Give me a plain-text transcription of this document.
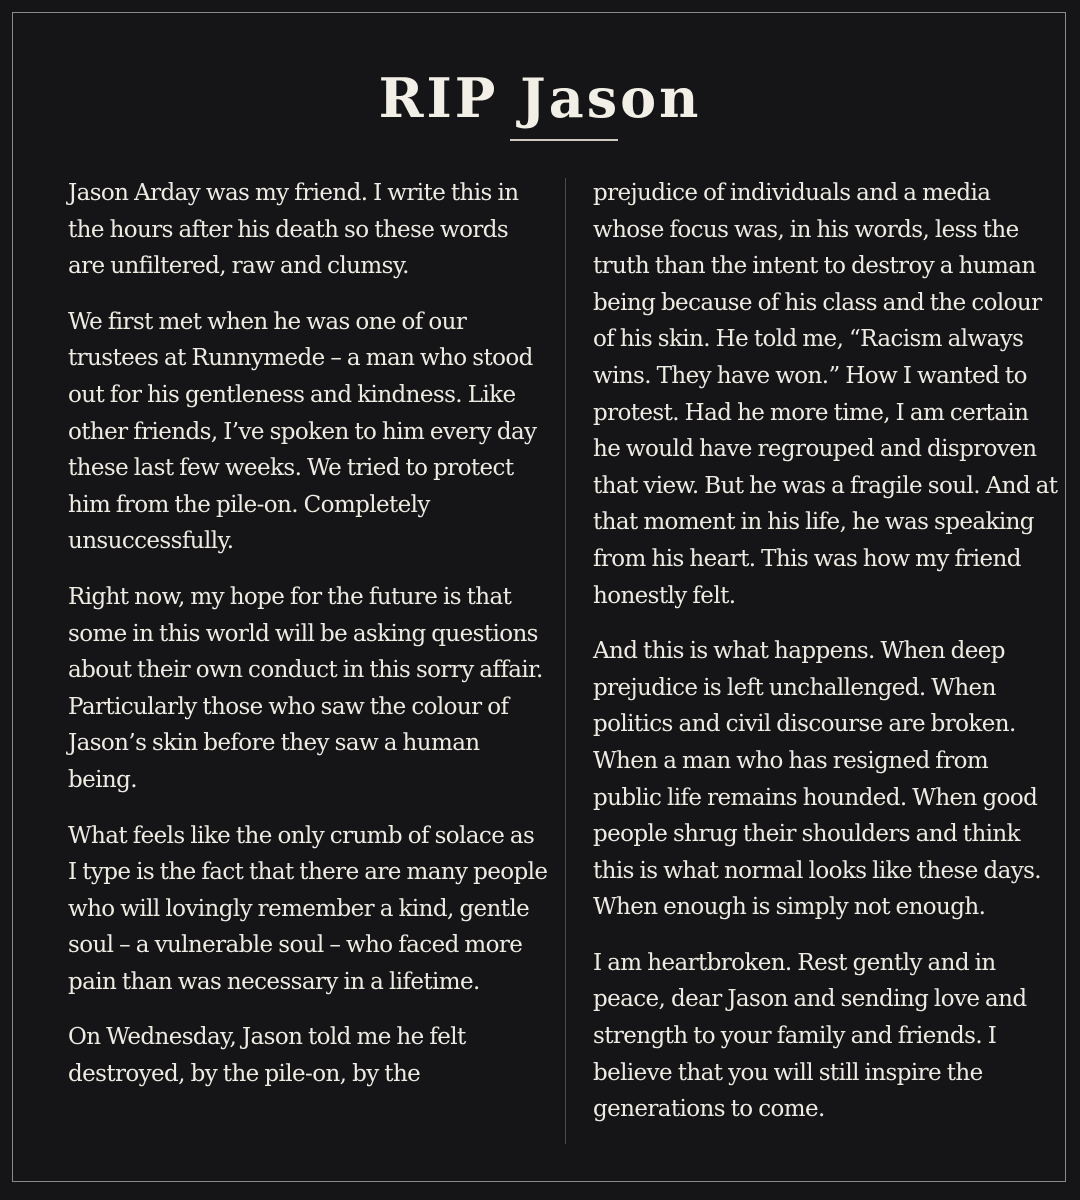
RIP Jason

Jason Arday was my friend. I write this in the hours after his death so these words are unfiltered, raw and clumsy.

We first met when he was one of our trustees at Runnymede – a man who stood out for his gentleness and kindness. Like other friends, I’ve spoken to him every day these last few weeks. We tried to protect him from the pile-on. Completely unsuccessfully.

Right now, my hope for the future is that some in this world will be asking questions about their own conduct in this sorry affair. Particularly those who saw the colour of Jason’s skin before they saw a human being.

What feels like the only crumb of solace as I type is the fact that there are many people who will lovingly remember a kind, gentle soul – a vulnerable soul – who faced more pain than was necessary in a lifetime.

On Wednesday, Jason told me he felt destroyed, by the pile-on, by the

prejudice of individuals and a media whose focus was, in his words, less the truth than the intent to destroy a human being because of his class and the colour of his skin. He told me, “Racism always wins. They have won.” How I wanted to protest. Had he more time, I am certain he would have regrouped and disproven that view. But he was a fragile soul. And at that moment in his life, he was speaking from his heart. This was how my friend honestly felt.

And this is what happens. When deep prejudice is left unchallenged. When politics and civil discourse are broken. When a man who has resigned from public life remains hounded. When good people shrug their shoulders and think this is what normal looks like these days. When enough is simply not enough.

I am heartbroken. Rest gently and in peace, dear Jason and sending love and strength to your family and friends. I believe that you will still inspire the generations to come.
